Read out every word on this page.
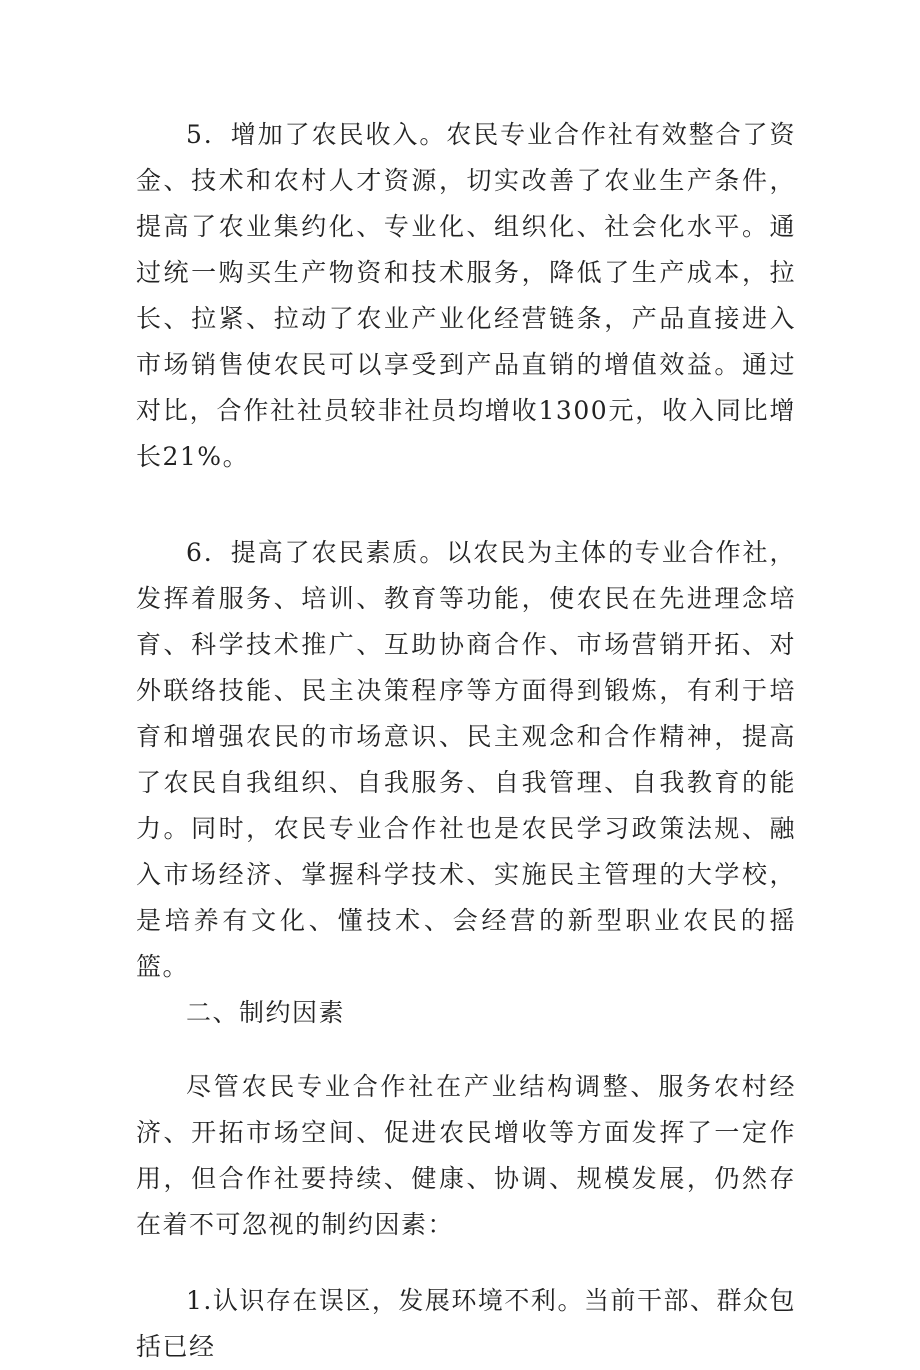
5．增加了农民收入。农民专业合作社有效整合了资金、技术和农村人才资源，切实改善了农业生产条件，提高了农业集约化、专业化、组织化、社会化水平。通过统一购买生产物资和技术服务，降低了生产成本，拉长、拉紧、拉动了农业产业化经营链条，产品直接进入市场销售使农民可以享受到产品直销的增值效益。通过对比，合作社社员较非社员均增收1300元，收入同比增长21%。

6．提高了农民素质。以农民为主体的专业合作社，发挥着服务、培训、教育等功能，使农民在先进理念培育、科学技术推广、互助协商合作、市场营销开拓、对外联络技能、民主决策程序等方面得到锻炼，有利于培育和增强农民的市场意识、民主观念和合作精神，提高了农民自我组织、自我服务、自我管理、自我教育的能力。同时，农民专业合作社也是农民学习政策法规、融入市场经济、掌握科学技术、实施民主管理的大学校，是培养有文化、懂技术、会经营的新型职业农民的摇篮。

二、制约因素

尽管农民专业合作社在产业结构调整、服务农村经济、开拓市场空间、促进农民增收等方面发挥了一定作用，但合作社要持续、健康、协调、规模发展，仍然存在着不可忽视的制约因素：

1.认识存在误区，发展环境不利。当前干部、群众包括已经
